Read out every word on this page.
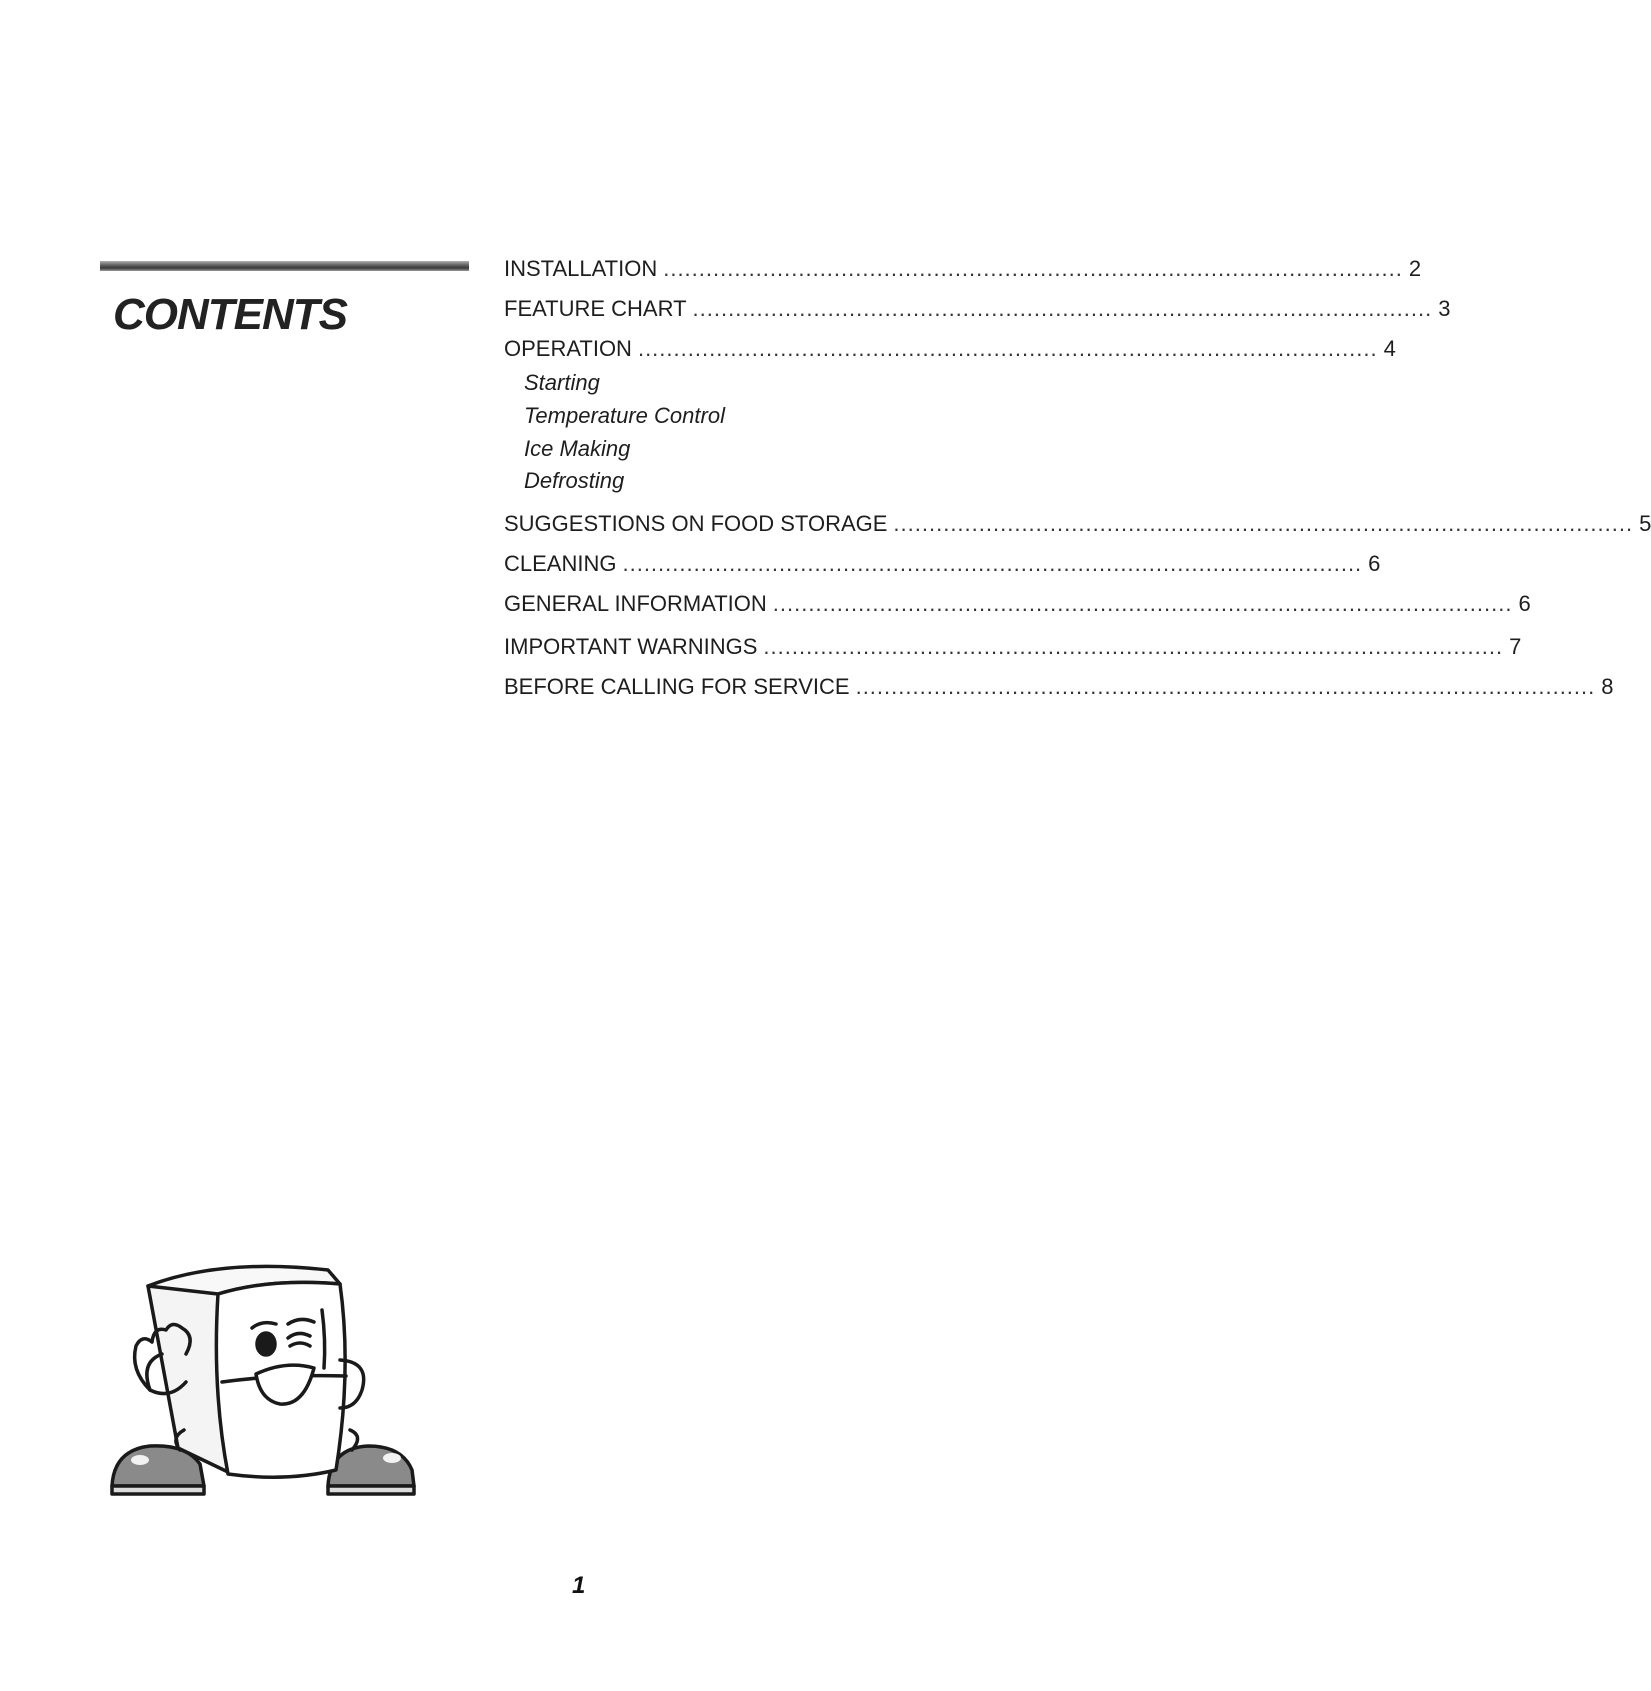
CONTENTS
INSTALLATION ........................................................................................................ 2
FEATURE CHART ........................................................................................................ 3
OPERATION ........................................................................................................ 4
Starting
Temperature Control
Ice Making
Defrosting
SUGGESTIONS ON FOOD STORAGE ........................................................................................................ 5
CLEANING ........................................................................................................ 6
GENERAL INFORMATION ........................................................................................................ 6
IMPORTANT WARNINGS ........................................................................................................ 7
BEFORE CALLING FOR SERVICE ........................................................................................................ 8
1
